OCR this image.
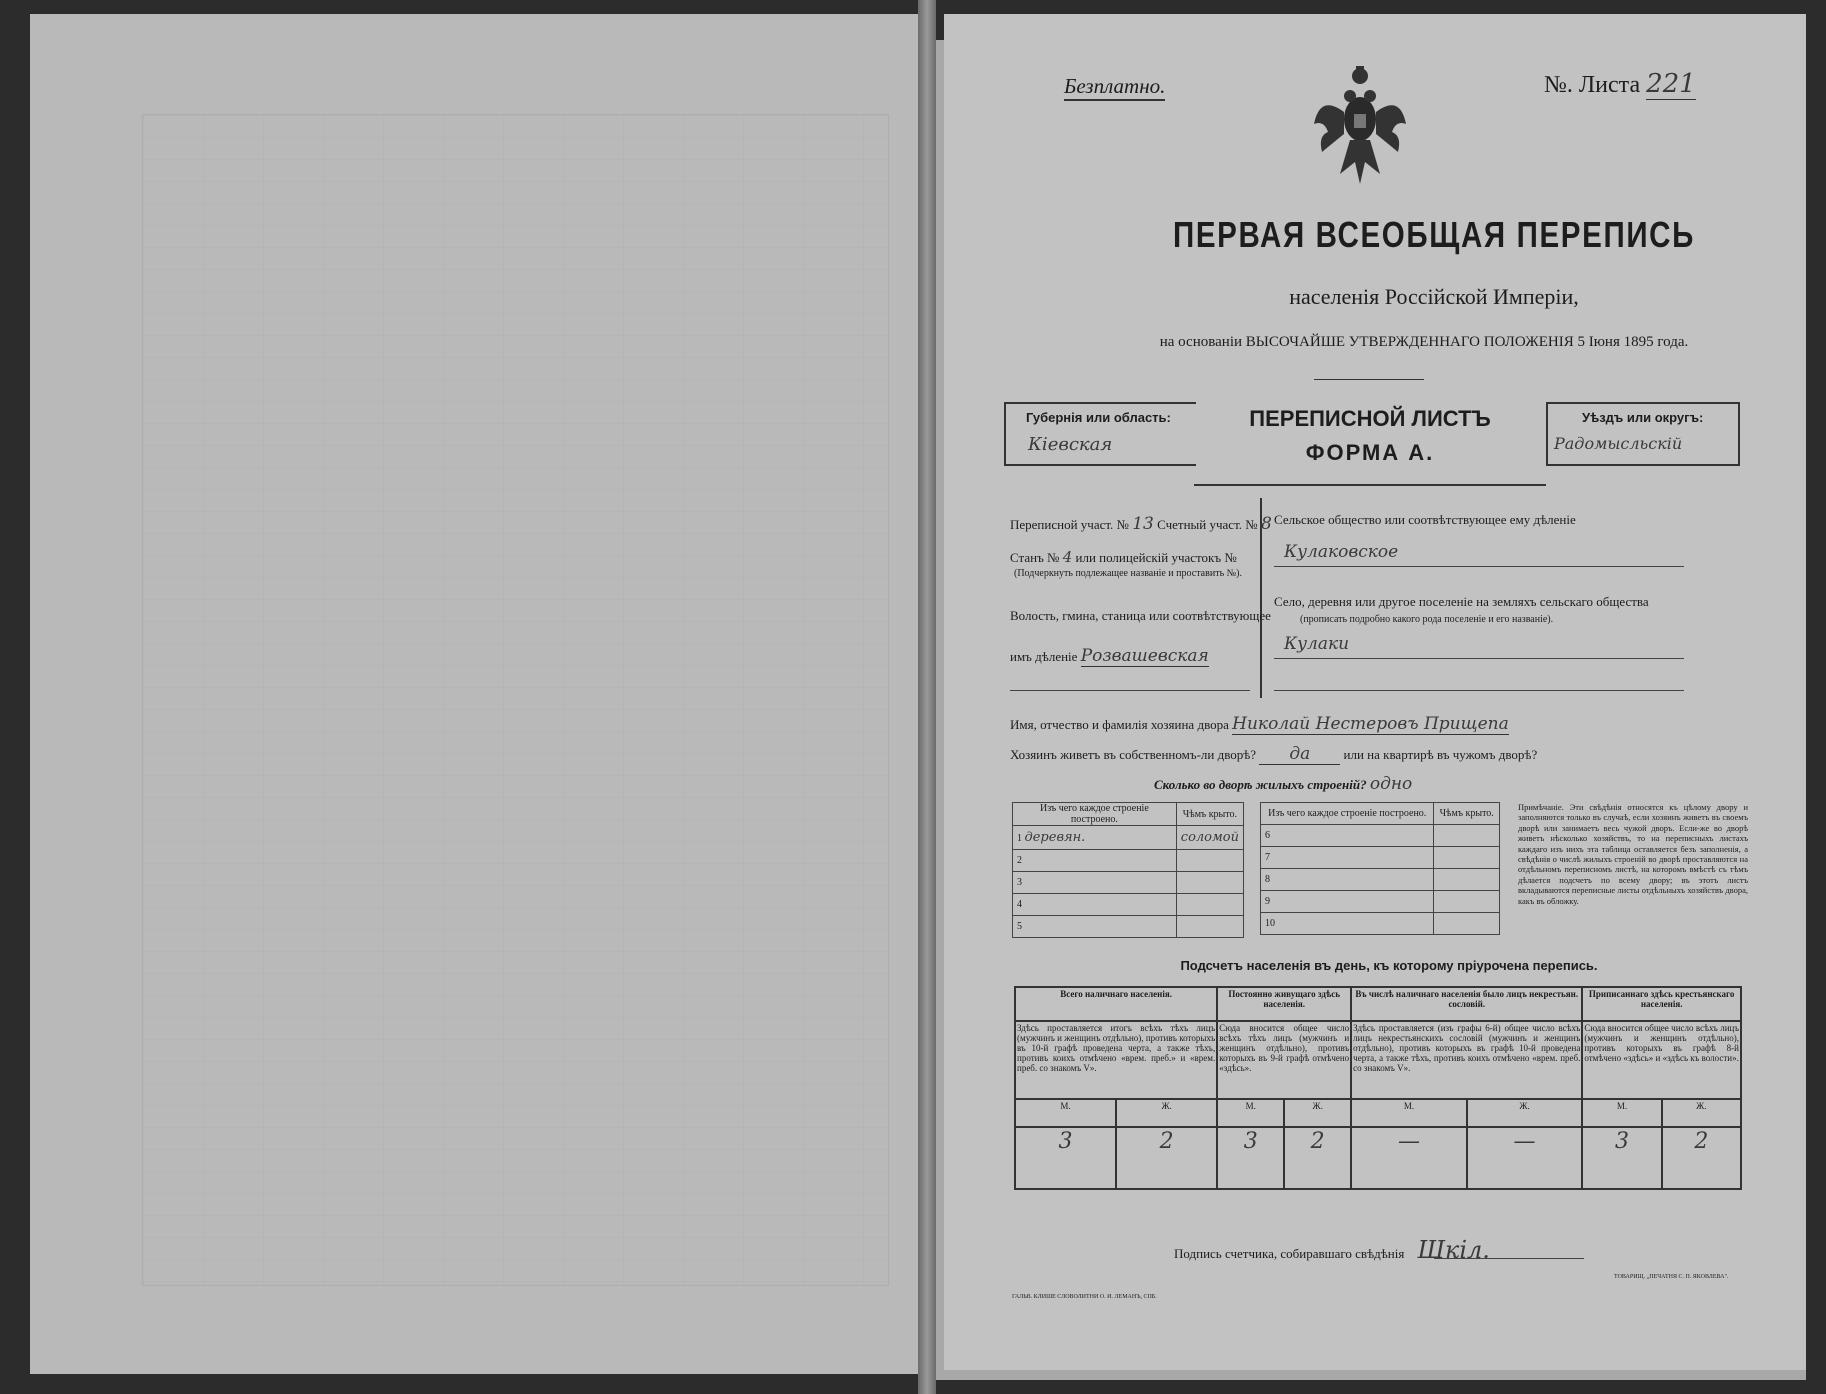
Безплатно.	№. Листа 221
ПЕРВАЯ ВСЕОБЩАЯ ПЕРЕПИСЬ
населенія Россійской Имперіи,
на основаніи ВЫСОЧАЙШЕ УТВЕРЖДЕННАГО ПОЛОЖЕНІЯ 5 Іюня 1895 года.
Губернія или область:
Кіевская
ПЕРЕПИСНОЙ ЛИСТЪ
ФОРМА А.
Уѣздъ или округъ:
Радомысльскій
Переписной участ. № 13 Счетный участ. № 8
Станъ № 4 или полицейскій участокъ №
(Подчеркнуть подлежащее названіе и проставить №).
Волость, гмина, станица или соотвѣтствующее
имъ дѣленіе Розвашевская
Сельское общество или соотвѣтствующее ему дѣленіе
Кулаковское
Село, деревня или другое поселеніе на земляхъ сельскаго общества
(прописать подробно какого рода поселеніе и его названіе).
Кулаки
Имя, отчество и фамилія хозяина двора Николай Нестеровъ Прищепа
Хозяинъ живетъ въ собственномъ-ли дворѣ? да	или на квартирѣ въ чужомъ дворѣ?
Сколько во дворѣ жилыхъ строеній? одно
Изъ чего каждое строеніе построено.	Чѣмъ крыто.
1 деревян.	соломой
2	
3	
4	
5	
Изъ чего каждое строеніе построено.	Чѣмъ крыто.
6	
7	
8	
9	
10	
Примѣчаніе. Эти свѣдѣнія относятся къ цѣлому двору и заполняются только въ случаѣ, если хозяинъ живетъ въ своемъ дворѣ или занимаетъ весь чужой дворъ. Если-же во дворѣ живетъ нѣсколько хозяйствъ, то на переписныхъ листахъ каждаго изъ нихъ эта таблица оставляется безъ заполненія, а свѣдѣнія о числѣ жилыхъ строеній во дворѣ проставляются на отдѣльномъ переписномъ листѣ, на которомъ вмѣстѣ съ тѣмъ дѣлается подсчетъ по всему двору; въ этотъ листъ вкладываются переписные листы отдѣльныхъ хозяйствъ двора, какъ въ обложку.
Подсчетъ населенія въ день, къ которому пріурочена перепись.
Всего наличнаго населенія.		Постоянно живущаго здѣсь населенія.		Въ числѣ наличнаго населенія было лицъ некрестьян. сословій.		Приписаннаго здѣсь крестьянскаго населенія.	
Здѣсь проставляется итогъ всѣхъ тѣхъ лицъ (мужчинъ и женщинъ отдѣльно), противъ которыхъ въ 10-й графѣ проведена черта, а также тѣхъ, противъ коихъ отмѣчено «врем. преб.» и «врем. преб. со знакомъ V».		Сюда вносится общее число всѣхъ тѣхъ лицъ (мужчинъ и женщинъ отдѣльно), противъ которыхъ въ 9-й графѣ отмѣчено «здѣсь».		Здѣсь проставляется (изъ графы 6-й) общее число всѣхъ лицъ некрестьянскихъ сословій (мужчинъ и женщинъ отдѣльно), противъ которыхъ въ графѣ 10-й проведена черта, а также тѣхъ, противъ коихъ отмѣчено «врем. преб. со знакомъ V».		Сюда вносится общее число всѣхъ лицъ (мужчинъ и женщинъ отдѣльно), противъ которыхъ въ графѣ 8-й отмѣчено «здѣсь» и «здѣсь къ волости».	
М.	Ж.	М.	Ж.	М.	Ж.	М.	Ж.
3	2	3	2	—	—	3	2
Подпись счетчика, собиравшаго свѣдѣнія Шкіл.
ГАЛЬВ. КЛИШЕ СЛОВОЛИТНИ О. И. ЛЕМАНЪ, СПБ.
ТОВАРИЩ. „ПЕЧАТНЯ С. П. ЯКОВЛЕВА".
